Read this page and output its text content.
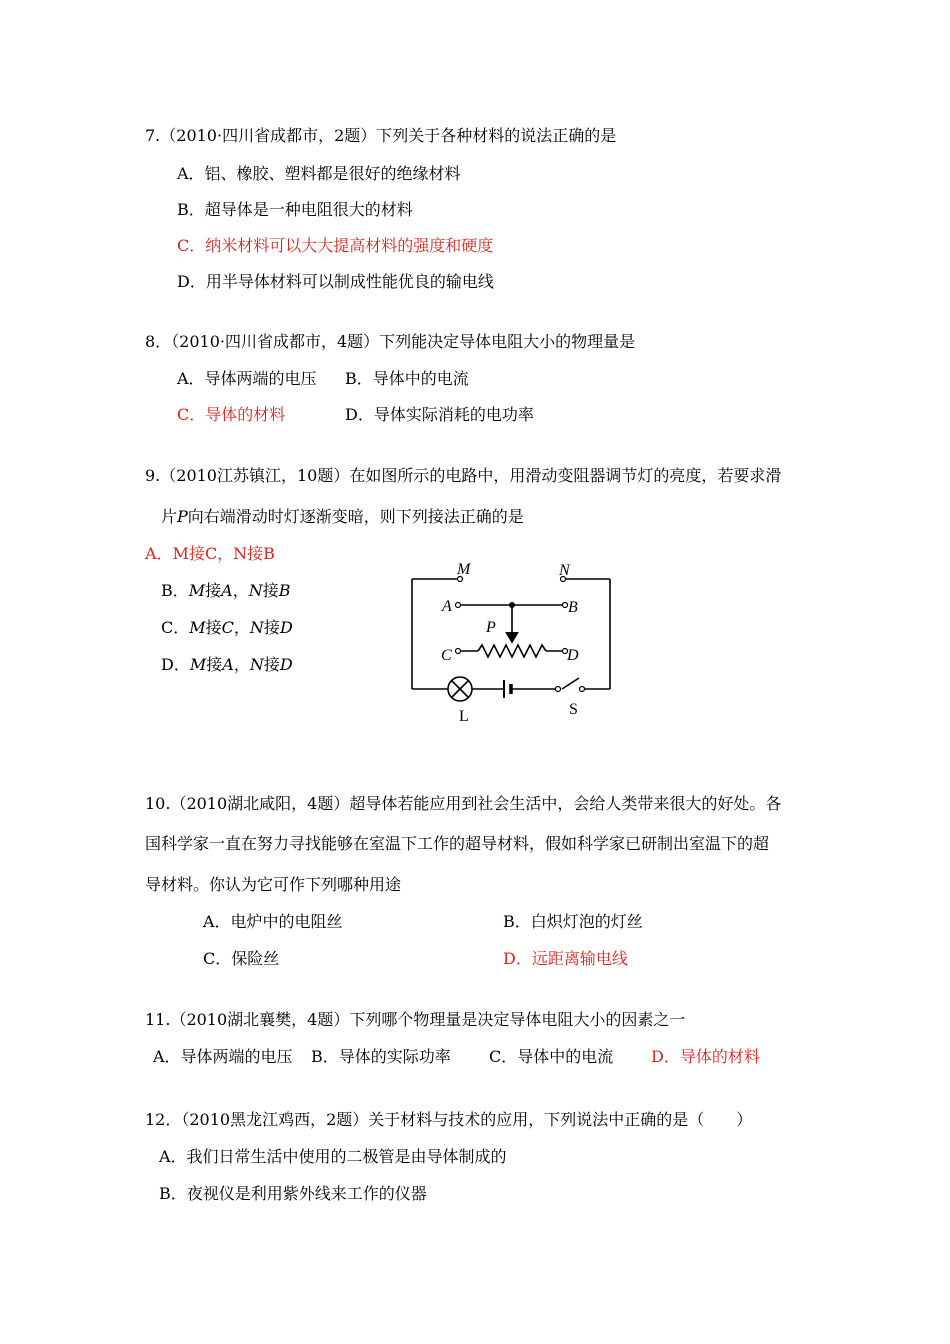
7.（2010·四川省成都市，2题）下列关于各种材料的说法正确的是
A．铝、橡胶、塑料都是很好的绝缘材料
B．超导体是一种电阻很大的材料
C．纳米材料可以大大提高材料的强度和硬度
D．用半导体材料可以制成性能优良的输电线
8．（2010·四川省成都市，4题）下列能决定导体电阻大小的物理量是
A．导体两端的电压 B．导体中的电流
C．导体的材料	D．导体实际消耗的电功率
9.（2010江苏镇江，10题）在如图所示的电路中，用滑动变阻器调节灯的亮度，若要求滑
片P向右端滑动时灯逐渐变暗，则下列接法正确的是
A．M接C，N接B
B．M接A，N接B
C．M接C，N接D
D．M接A，N接D
M	N
A	B
C	D
P
L	S
10.（2010湖北咸阳，4题）超导体若能应用到社会生活中，会给人类带来很大的好处。各
国科学家一直在努力寻找能够在室温下工作的超导材料，假如科学家已研制出室温下的超
导材料。你认为它可作下列哪种用途
A．电炉中的电阻丝	B．白炽灯泡的灯丝
C．保险丝	D．远距离输电线
11.（2010湖北襄樊，4题）下列哪个物理量是决定导体电阻大小的因素之一
A．导体两端的电压 B．导体的实际功率 C．导体中的电流 D．导体的材料
12．（2010黑龙江鸡西，2题）关于材料与技术的应用，下列说法中正确的是（　　）
A．我们日常生活中使用的二极管是由导体制成的
B．夜视仪是利用紫外线来工作的仪器
